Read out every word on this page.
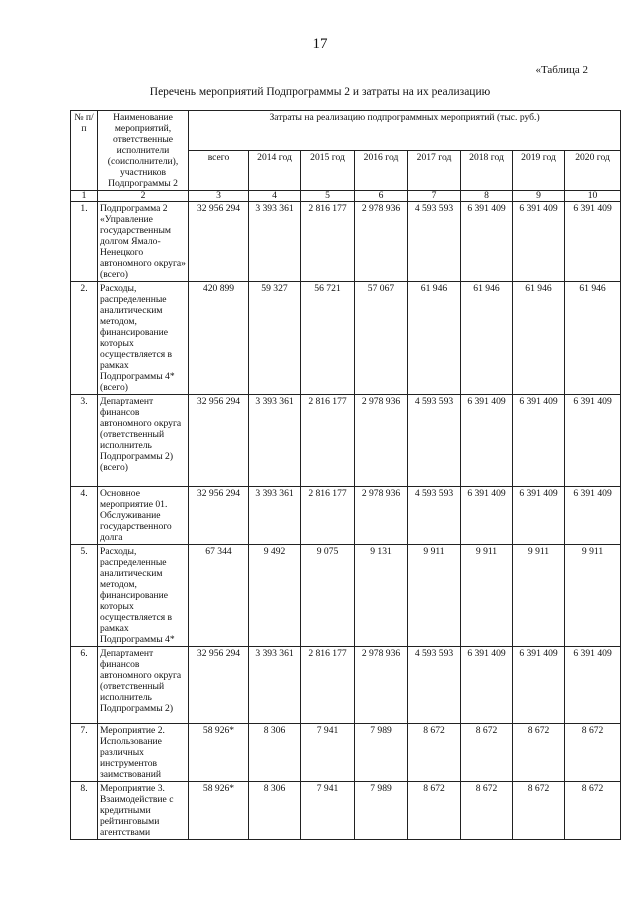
17
«Таблица 2
Перечень мероприятий Подпрограммы 2 и затраты на их реализацию
№ п/п	Наименование мероприятий, ответственные исполнители (соисполнители), участников Подпрограммы 2	Затраты на реализацию подпрограммных мероприятий (тыс. руб.)							
		всего	2014 год	2015 год	2016 год	2017 год	2018 год	2019 год	2020 год
1	2	3	4	5	6	7	8	9	10
1.	Подпрограмма 2 «Управление государственным долгом Ямало-Ненецкого автономного округа» (всего)	32 956 294	3 393 361	2 816 177	2 978 936	4 593 593	6 391 409	6 391 409	6 391 409
2.	Расходы, распределенные аналитическим методом, финансирование которых осуществляется в рамках Подпрограммы 4* (всего)	420 899	59 327	56 721	57 067	61 946	61 946	61 946	61 946
3.	Департамент финансов автономного округа (ответственный исполнитель Подпрограммы 2) (всего)	32 956 294	3 393 361	2 816 177	2 978 936	4 593 593	6 391 409	6 391 409	6 391 409
4.	Основное мероприятие 01. Обслуживание государственного долга	32 956 294	3 393 361	2 816 177	2 978 936	4 593 593	6 391 409	6 391 409	6 391 409
5.	Расходы, распределенные аналитическим методом, финансирование которых осуществляется в рамках Подпрограммы 4*	67 344	9 492	9 075	9 131	9 911	9 911	9 911	9 911
6.	Департамент финансов автономного округа (ответственный исполнитель Подпрограммы 2)	32 956 294	3 393 361	2 816 177	2 978 936	4 593 593	6 391 409	6 391 409	6 391 409
7.	Мероприятие 2. Использование различных инструментов заимствований	58 926*	8 306	7 941	7 989	8 672	8 672	8 672	8 672
8.	Мероприятие 3. Взаимодействие с кредитными рейтинговыми агентствами	58 926*	8 306	7 941	7 989	8 672	8 672	8 672	8 672
